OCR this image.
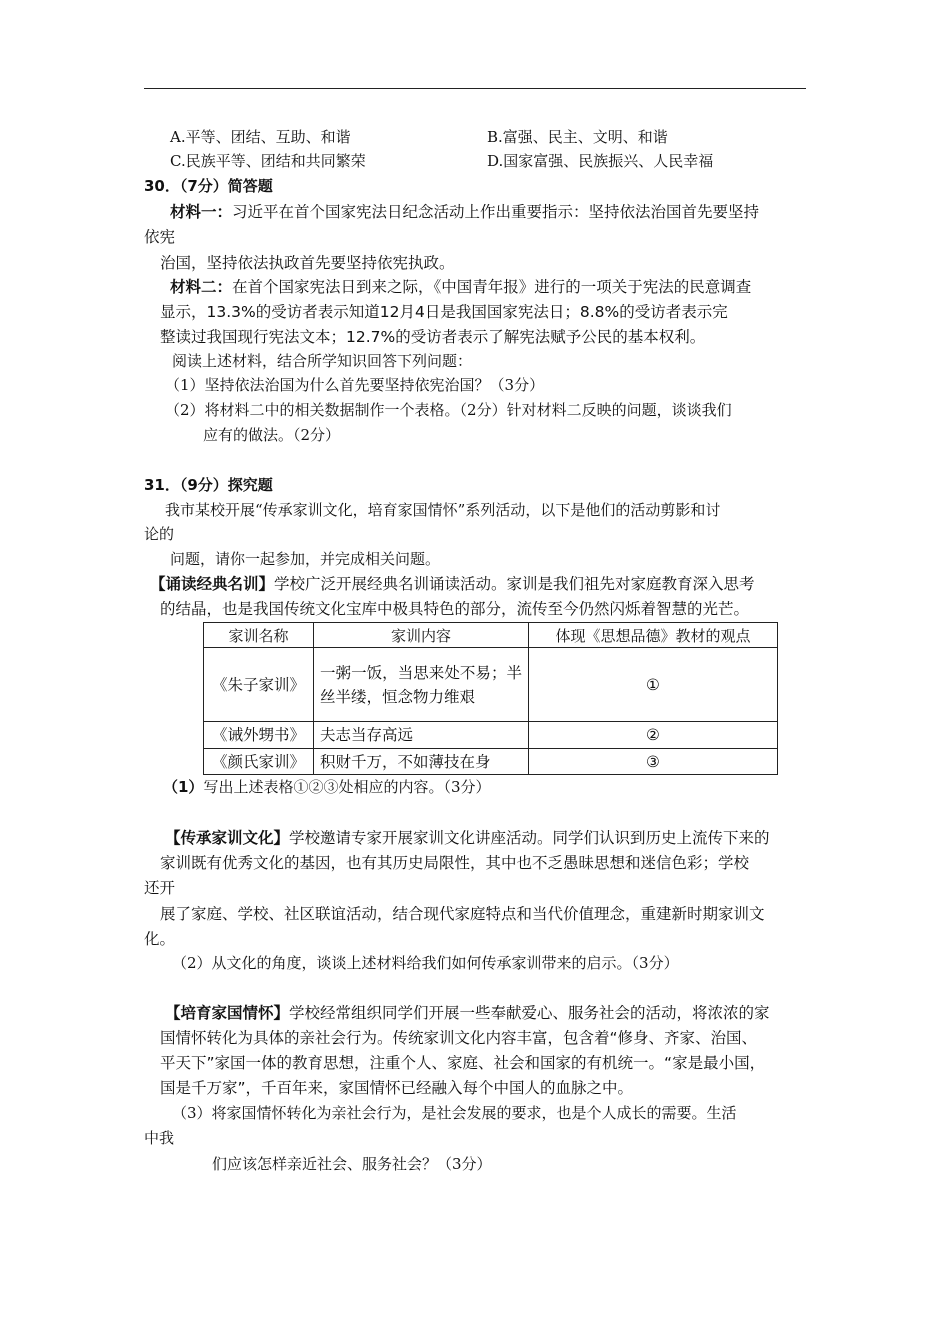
A.平等、团结、互助、和谐	B.富强、民主、文明、和谐
C.民族平等、团结和共同繁荣	D.国家富强、民族振兴、人民幸福
30．（7分）简答题
材料一：习近平在首个国家宪法日纪念活动上作出重要指示：坚持依法治国首先要坚持
依宪
治国，坚持依法执政首先要坚持依宪执政。
材料二：在首个国家宪法日到来之际，《中国青年报》进行的一项关于宪法的民意调查
显示，13.3%的受访者表示知道12月4日是我国国家宪法日；8.8%的受访者表示完
整读过我国现行宪法文本；12.7%的受访者表示了解宪法赋予公民的基本权利。
阅读上述材料，结合所学知识回答下列问题：
（1）坚持依法治国为什么首先要坚持依宪治国？（3分）
（2）将材料二中的相关数据制作一个表格。（2分）针对材料二反映的问题，谈谈我们
应有的做法。（2分）
31．（9分）探究题
我市某校开展“传承家训文化，培育家国情怀”系列活动，以下是他们的活动剪影和讨
论的
问题，请你一起参加，并完成相关问题。
【诵读经典名训】学校广泛开展经典名训诵读活动。家训是我们祖先对家庭教育深入思考
的结晶，也是我国传统文化宝库中极具特色的部分，流传至今仍然闪烁着智慧的光芒。
家训名称	家训内容	体现《思想品德》教材的观点
《朱子家训》	一粥一饭，当思来处不易；半丝半缕，恒念物力维艰	①
《诫外甥书》	夫志当存高远	②
《颜氏家训》	积财千万，不如薄技在身	③
（1）写出上述表格①②③处相应的内容。（3分）
【传承家训文化】学校邀请专家开展家训文化讲座活动。同学们认识到历史上流传下来的
家训既有优秀文化的基因，也有其历史局限性，其中也不乏愚昧思想和迷信色彩；学校
还开
展了家庭、学校、社区联谊活动，结合现代家庭特点和当代价值理念，重建新时期家训文
化。
（2）从文化的角度，谈谈上述材料给我们如何传承家训带来的启示。（3分）
【培育家国情怀】学校经常组织同学们开展一些奉献爱心、服务社会的活动，将浓浓的家
国情怀转化为具体的亲社会行为。传统家训文化内容丰富，包含着“修身、齐家、治国、
平天下”家国一体的教育思想，注重个人、家庭、社会和国家的有机统一。“家是最小国，
国是千万家”，千百年来，家国情怀已经融入每个中国人的血脉之中。
（3）将家国情怀转化为亲社会行为，是社会发展的要求，也是个人成长的需要。生活
中我
们应该怎样亲近社会、服务社会？（3分）
